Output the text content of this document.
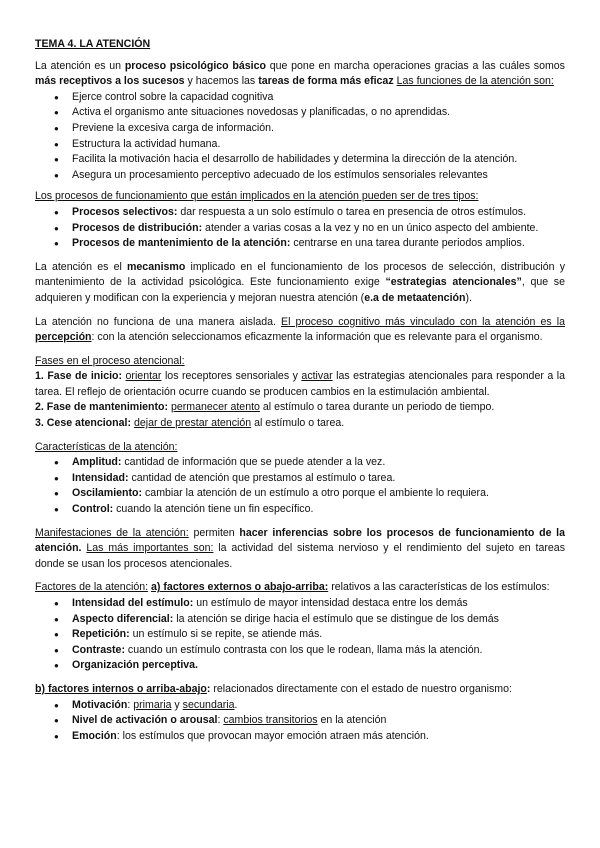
TEMA 4. LA ATENCIÓN

La atención es un proceso psicológico básico que pone en marcha operaciones gracias a las cuáles somos más receptivos a los sucesos y hacemos las tareas de forma más eficaz Las funciones de la atención son:

● Ejerce control sobre la capacidad cognitiva
● Activa el organismo ante situaciones novedosas y planificadas, o no aprendidas.
● Previene la excesiva carga de información.
● Estructura la actividad humana.
● Facilita la motivación hacia el desarrollo de habilidades y determina la dirección de la atención.
● Asegura un procesamiento perceptivo adecuado de los estímulos sensoriales relevantes

Los procesos de funcionamiento que están implicados en la atención pueden ser de tres tipos:

● Procesos selectivos: dar respuesta a un solo estímulo o tarea en presencia de otros estímulos.
● Procesos de distribución: atender a varias cosas a la vez y no en un único aspecto del ambiente.
● Procesos de mantenimiento de la atención: centrarse en una tarea durante periodos amplios.

La atención es el mecanismo implicado en el funcionamiento de los procesos de selección, distribución y mantenimiento de la actividad psicológica. Este funcionamiento exige “estrategias atencionales”, que se adquieren y modifican con la experiencia y mejoran nuestra atención (e.a de metaatención).

La atención no funciona de una manera aislada. El proceso cognitivo más vinculado con la atención es la percepción: con la atención seleccionamos eficazmente la información que es relevante para el organismo.

Fases en el proceso atencional:

1. Fase de inicio: orientar los receptores sensoriales y activar las estrategias atencionales para responder a la tarea. El reflejo de orientación ocurre cuando se producen cambios en la estimulación ambiental.

2. Fase de mantenimiento: permanecer atento al estímulo o tarea durante un periodo de tiempo.

3. Cese atencional: dejar de prestar atención al estímulo o tarea.

Características de la atención:

● Amplitud: cantidad de información que se puede atender a la vez.
● Intensidad: cantidad de atención que prestamos al estímulo o tarea.
● Oscilamiento: cambiar la atención de un estímulo a otro porque el ambiente lo requiera.
● Control: cuando la atención tiene un fin específico.

Manifestaciones de la atención: permiten hacer inferencias sobre los procesos de funcionamiento de la atención. Las más importantes son: la actividad del sistema nervioso y el rendimiento del sujeto en tareas donde se usan los procesos atencionales.

Factores de la atención: a) factores externos o abajo-arriba: relativos a las características de los estímulos:

● Intensidad del estímulo: un estímulo de mayor intensidad destaca entre los demás
● Aspecto diferencial: la atención se dirige hacia el estímulo que se distingue de los demás
● Repetición: un estímulo si se repite, se atiende más.
● Contraste: cuando un estímulo contrasta con los que le rodean, llama más la atención.
● Organización perceptiva.

b) factores internos o arriba-abajo: relacionados directamente con el estado de nuestro organismo:

● Motivación: primaria y secundaria.
● Nivel de activación o arousal: cambios transitorios en la atención
● Emoción: los estímulos que provocan mayor emoción atraen más atención.
